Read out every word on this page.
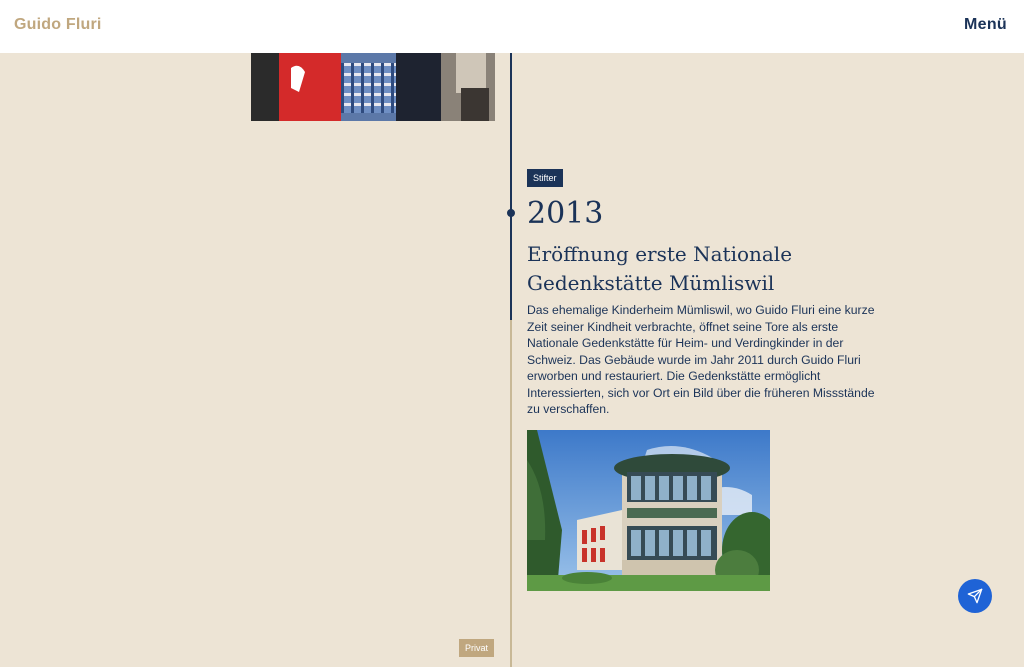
Guido Fluri	Menü
Stifter
2013
Eröffnung erste Nationale Gedenkstätte Mümliswil
Das ehemalige Kinderheim Mümliswil, wo Guido Fluri eine kurze Zeit seiner Kindheit verbrachte, öffnet seine Tore als erste Nationale Gedenkstätte für Heim- und Verdingkinder in der Schweiz. Das Gebäude wurde im Jahr 2011 durch Guido Fluri erworben und restauriert. Die Gedenkstätte ermöglicht Interessierten, sich vor Ort ein Bild über die früheren Missstände zu verschaffen.
Privat
